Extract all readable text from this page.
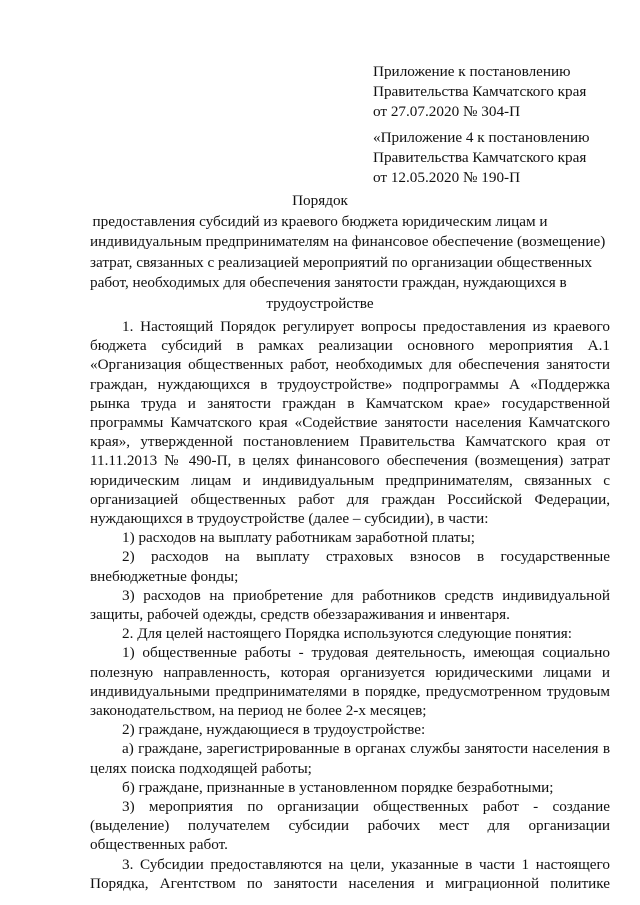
Приложение к постановлению
Правительства Камчатского края
от 27.07.2020 № 304-П
«Приложение 4 к постановлению
Правительства Камчатского края
от 12.05.2020 № 190-П
Порядок
предоставления субсидий из краевого бюджета юридическим лицам и
индивидуальным предпринимателям на финансовое обеспечение (возмещение)
затрат, связанных с реализацией мероприятий по организации общественных
работ, необходимых для обеспечения занятости граждан, нуждающихся в
трудоустройстве

1. Настоящий Порядок регулирует вопросы предоставления из краевого бюджета субсидий в рамках реализации основного мероприятия А.1 «Организация общественных работ, необходимых для обеспечения занятости граждан, нуждающихся в трудоустройстве» подпрограммы А «Поддержка рынка труда и занятости граждан в Камчатском крае» государственной программы Камчатского края «Содействие занятости населения Камчатского края», утвержденной постановлением Правительства Камчатского края от 11.11.2013 № 490-П, в целях финансового обеспечения (возмещения) затрат юридическим лицам и индивидуальным предпринимателям, связанных с организацией общественных работ для граждан Российской Федерации, нуждающихся в трудоустройстве (далее – субсидии), в части:

1) расходов на выплату работникам заработной платы;

2) расходов на выплату страховых взносов в государственные внебюджетные фонды;

3) расходов на приобретение для работников средств индивидуальной защиты, рабочей одежды, средств обеззараживания и инвентаря.

2. Для целей настоящего Порядка используются следующие понятия:

1) общественные работы - трудовая деятельность, имеющая социально полезную направленность, которая организуется юридическими лицами и индивидуальными предпринимателями в порядке, предусмотренном трудовым законодательством, на период не более 2-х месяцев;

2) граждане, нуждающиеся в трудоустройстве:

а) граждане, зарегистрированные в органах службы занятости населения в целях поиска подходящей работы;

б) граждане, признанные в установленном порядке безработными;

3) мероприятия по организации общественных работ - создание (выделение) получателем субсидии рабочих мест для организации общественных работ.

3. Субсидии предоставляются на цели, указанные в части 1 настоящего Порядка, Агентством по занятости населения и миграционной политике
